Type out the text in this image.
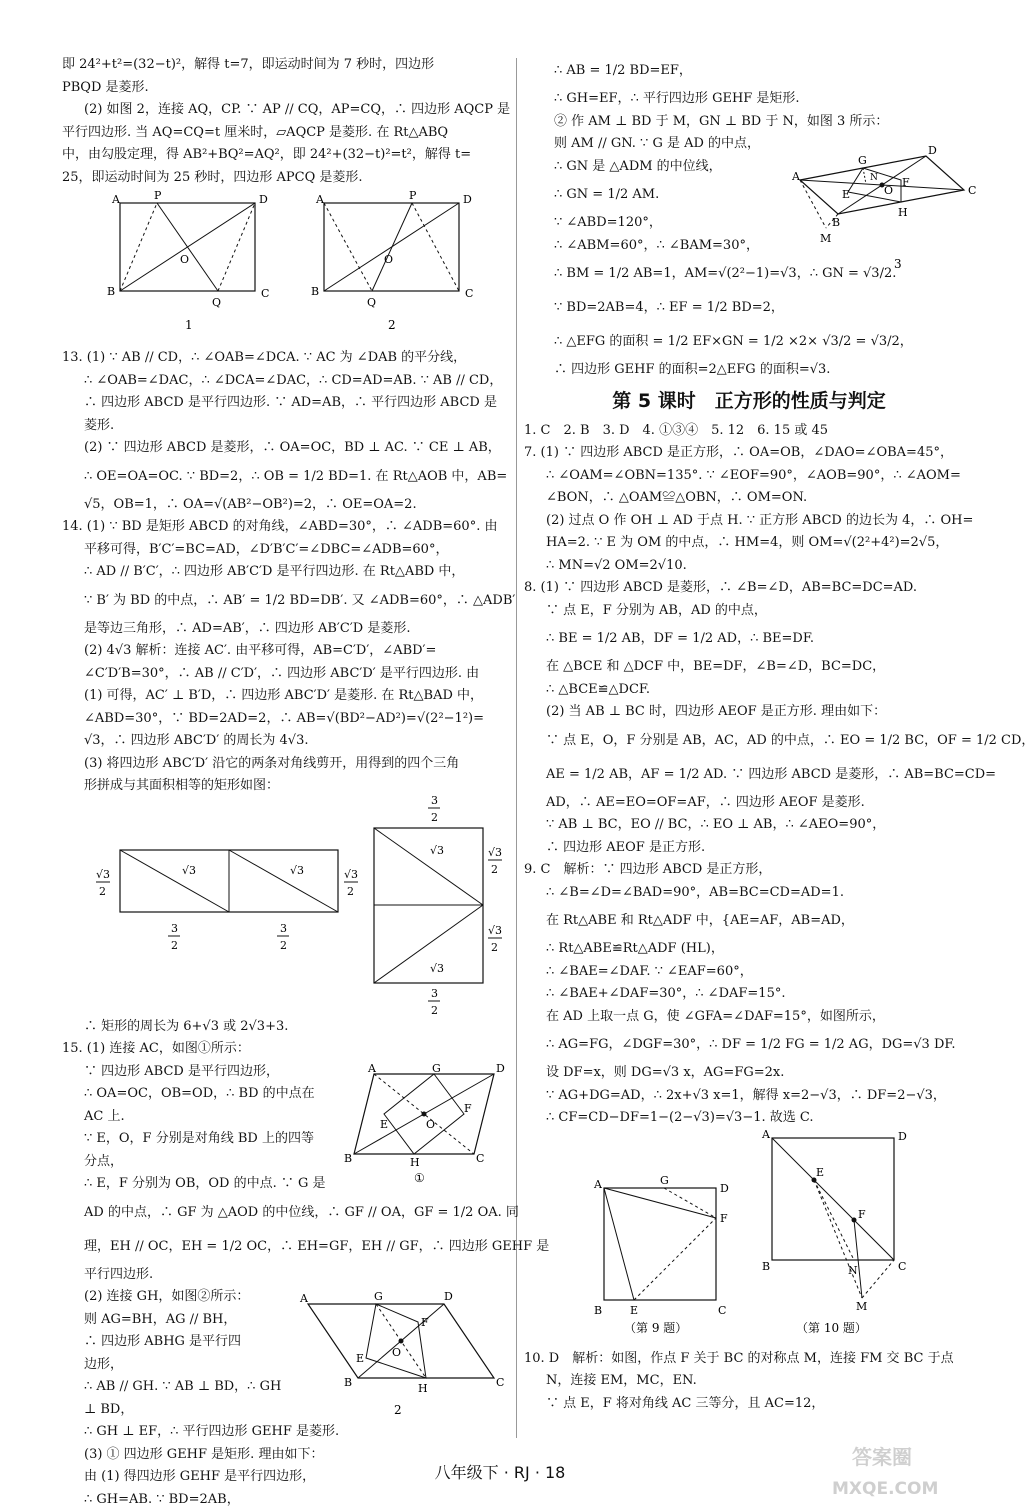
即 24²+t²=(32−t)²，解得 t=7，即运动时间为 7 秒时，四边形
PBQD 是菱形.
(2) 如图 2，连接 AQ，CP. ∵ AP // CQ，AP=CQ，∴ 四边形 AQCP 是
平行四边形. 当 AQ=CQ=t 厘米时，▱AQCP 是菱形. 在 Rt△ABQ
中，由勾股定理，得 AB²+BQ²=AQ²，即 24²+(32−t)²=t²，解得 t=
25，即运动时间为 25 秒时，四边形 APCQ 是菱形.
A	P	D
B
Q
C
O
1
A	P	D
B
Q
C
O
2
13. (1) ∵ AB // CD，∴ ∠OAB=∠DCA. ∵ AC 为 ∠DAB 的平分线，
∴ ∠OAB=∠DAC，∴ ∠DCA=∠DAC，∴ CD=AD=AB. ∵ AB // CD，
∴ 四边形 ABCD 是平行四边形. ∵ AD=AB，∴ 平行四边形 ABCD 是
菱形.
(2) ∵ 四边形 ABCD 是菱形，∴ OA=OC，BD ⊥ AC. ∵ CE ⊥ AB，
∴ OE=OA=OC. ∵ BD=2，∴ OB = 1/2 BD=1. 在 Rt△AOB 中，AB=
√5，OB=1，∴ OA=√(AB²−OB²)=2，∴ OE=OA=2.
14. (1) ∵ BD 是矩形 ABCD 的对角线，∠ABD=30°，∴ ∠ADB=60°. 由
平移可得，B′C′=BC=AD，∠D′B′C′=∠DBC=∠ADB=60°，
∴ AD // B′C′，∴ 四边形 AB′C′D 是平行四边形. 在 Rt△ABD 中，
∵ B′ 为 BD 的中点，∴ AB′ = 1/2 BD=DB′. 又 ∠ADB=60°，∴ △ADB′
是等边三角形，∴ AD=AB′，∴ 四边形 AB′C′D 是菱形.
(2) 4√3 解析：连接 AC′. 由平移可得，AB=C′D′，∠ABD′=
∠C′D′B=30°，∴ AB // C′D′，∴ 四边形 ABC′D′ 是平行四边形. 由
(1) 可得，AC′ ⊥ B′D，∴ 四边形 ABC′D′ 是菱形. 在 Rt△BAD 中，
∠ABD=30°，∵ BD=2AD=2，∴ AB=√(BD²−AD²)=√(2²−1²)=
√3，∴ 四边形 ABC′D′ 的周长为 4√3.
(3) 将四边形 ABC′D′ 沿它的两条对角线剪开，用得到的四个三角
形拼成与其面积相等的矩形如图：
√3	√3
√3
2
3
2
3
2
√3
2
√3
√3
3
2
3
2
√3
2
√3
2
∴ 矩形的周长为 6+√3 或 2√3+3.
A	G	D
B	C
E
F
O
H
①
15. (1) 连接 AC，如图①所示：
∵ 四边形 ABCD 是平行四边形，
∴ OA=OC，OB=OD，∴ BD 的中点在
AC 上.
∵ E，O，F 分别是对角线 BD 上的四等
分点，
∴ E，F 分别为 OB，OD 的中点. ∵ G 是
AD 的中点，∴ GF 为 △AOD 的中位线，∴ GF // OA，GF = 1/2 OA. 同
理，EH // OC，EH = 1/2 OC，∴ EH=GF，EH // GF，∴ 四边形 GEHF 是
平行四边形.
A	G	D
B	C
E
F
O
H
2
(2) 连接 GH，如图②所示：
则 AG=BH，AG // BH，
∴ 四边形 ABHG 是平行四
边形，
∴ AB // GH. ∵ AB ⊥ BD，∴ GH
⊥ BD，
∴ GH ⊥ EF，∴ 平行四边形 GEHF 是菱形.
(3) ① 四边形 GEHF 是矩形. 理由如下：
由 (1) 得四边形 GEHF 是平行四边形，
∴ GH=AB. ∵ BD=2AB，
A
G
D
B
C
E
F
O
H
M
N
3
∴ AB = 1/2 BD=EF，
∴ GH=EF，∴ 平行四边形 GEHF 是矩形.
② 作 AM ⊥ BD 于 M，GN ⊥ BD 于 N，如图 3 所示：
则 AM // GN. ∵ G 是 AD 的中点，
∴ GN 是 △ADM 的中位线，
∴ GN = 1/2 AM.
∵ ∠ABD=120°，
∴ ∠ABM=60°，∴ ∠BAM=30°，
∴ BM = 1/2 AB=1，AM=√(2²−1)=√3，∴ GN = √3/2.
∵ BD=2AB=4，∴ EF = 1/2 BD=2，
∴ △EFG 的面积 = 1/2 EF×GN = 1/2 ×2× √3/2 = √3/2，
∴ 四边形 GEHF 的面积=2△EFG 的面积=√3.
第 5 课时　正方形的性质与判定
1. C　2. B　3. D　4. ①③④　5. 12　6. 15 或 45
7. (1) ∵ 四边形 ABCD 是正方形，∴ OA=OB，∠DAO=∠OBA=45°，
∴ ∠OAM=∠OBN=135°. ∵ ∠EOF=90°，∠AOB=90°，∴ ∠AOM=
∠BON，∴ △OAM≌△OBN，∴ OM=ON.
(2) 过点 O 作 OH ⊥ AD 于点 H. ∵ 正方形 ABCD 的边长为 4，∴ OH=
HA=2. ∵ E 为 OM 的中点，∴ HM=4，则 OM=√(2²+4²)=2√5，
∴ MN=√2 OM=2√10.
8. (1) ∵ 四边形 ABCD 是菱形，∴ ∠B=∠D，AB=BC=DC=AD.
∵ 点 E，F 分别为 AB，AD 的中点，
∴ BE = 1/2 AB，DF = 1/2 AD，∴ BE=DF.
在 △BCE 和 △DCF 中，BE=DF，∠B=∠D，BC=DC，
∴ △BCE≌△DCF.
(2) 当 AB ⊥ BC 时，四边形 AEOF 是正方形. 理由如下：
∵ 点 E，O，F 分别是 AB，AC，AD 的中点，∴ EO = 1/2 BC，OF = 1/2 CD，
AE = 1/2 AB，AF = 1/2 AD. ∵ 四边形 ABCD 是菱形，∴ AB=BC=CD=
AD，∴ AE=EO=OF=AF，∴ 四边形 AEOF 是菱形.
∵ AB ⊥ BC，EO // BC，∴ EO ⊥ AB，∴ ∠AEO=90°，
∴ 四边形 AEOF 是正方形.
9. C　解析：∵ 四边形 ABCD 是正方形，
∴ ∠B=∠D=∠BAD=90°，AB=BC=CD=AD=1.
在 Rt△ABE 和 Rt△ADF 中，{AE=AF，AB=AD，
∴ Rt△ABE≌Rt△ADF (HL)，
∴ ∠BAE=∠DAF. ∵ ∠EAF=60°，
∴ ∠BAE+∠DAF=30°，∴ ∠DAF=15°.
在 AD 上取一点 G，使 ∠GFA=∠DAF=15°，如图所示，
∴ AG=FG，∠DGF=30°，∴ DF = 1/2 FG = 1/2 AG，DG=√3 DF.
设 DF=x，则 DG=√3 x，AG=FG=2x.
∵ AG+DG=AD，∴ 2x+√3 x=1，解得 x=2−√3，∴ DF=2−√3，
∴ CF=CD−DF=1−(2−√3)=√3−1. 故选 C.
A	G
D
F
B	E	C
（第 9 题）
A	D
B	C
E
F
N
M
（第 10 题）
10. D　解析：如图，作点 F 关于 BC 的对称点 M，连接 FM 交 BC 于点
N，连接 EM，MC，EN.
∵ 点 E，F 将对角线 AC 三等分，且 AC=12，
八年级下 · RJ · 18
答案圈
MXQE.COM
